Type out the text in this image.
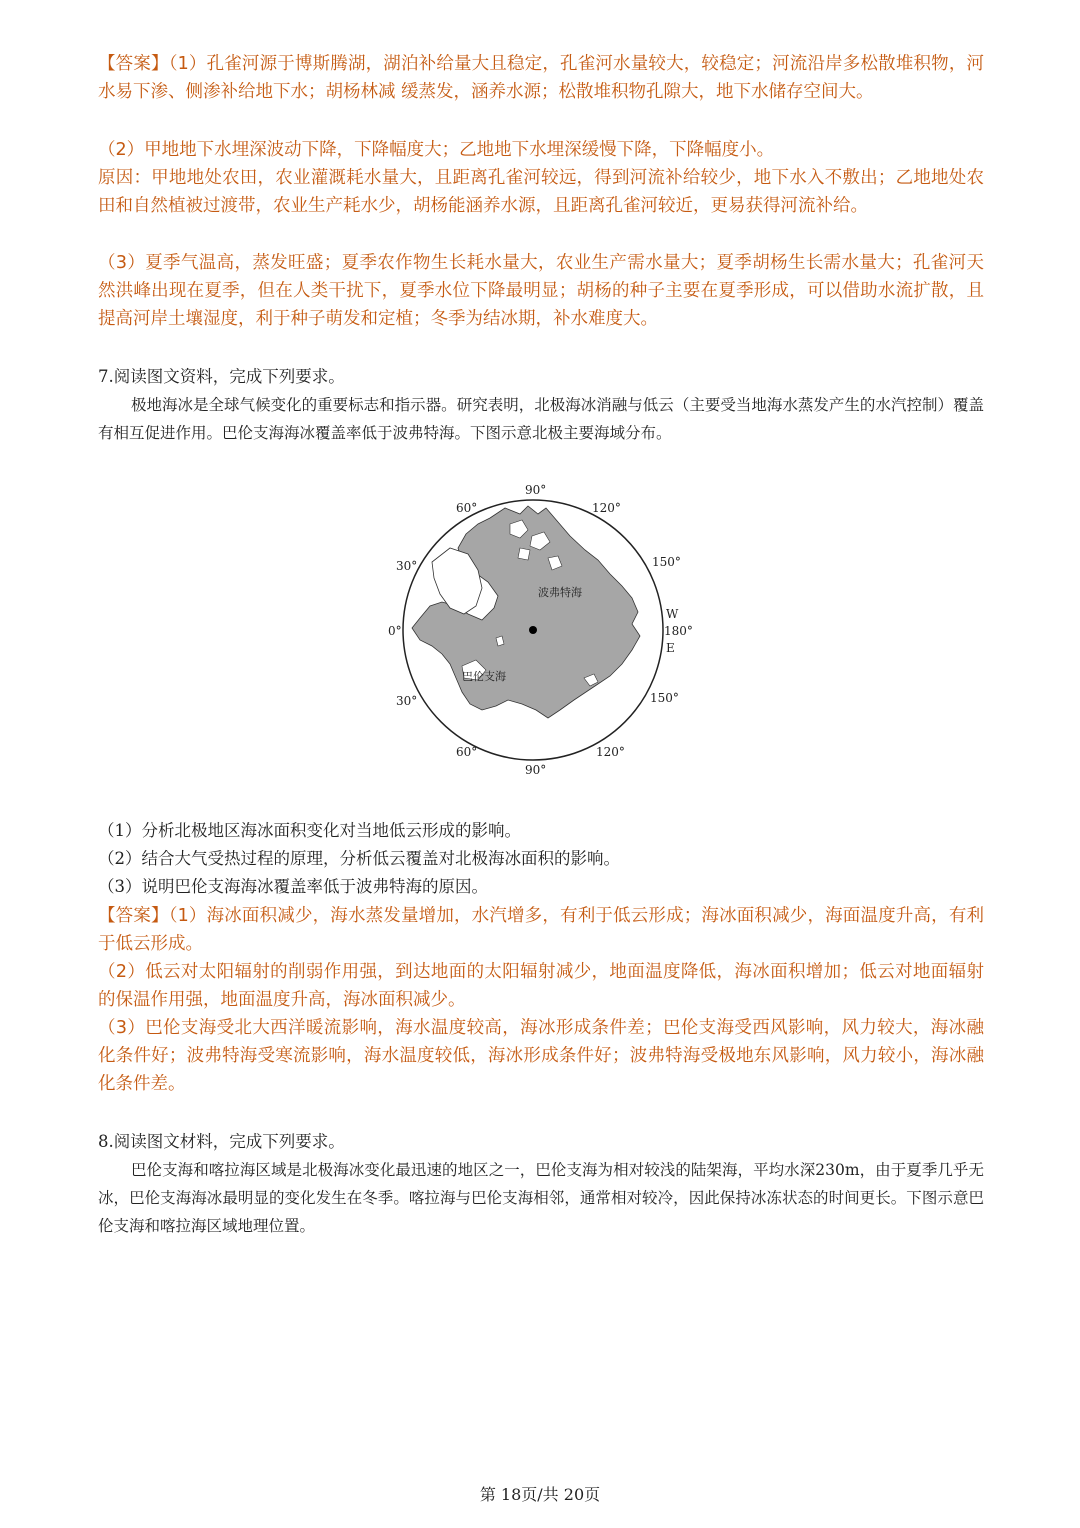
【答案】（1）孔雀河源于博斯腾湖，湖泊补给量大且稳定，孔雀河水量较大，较稳定；河流沿岸多松散堆积物，河水易下渗、侧渗补给地下水；胡杨林减 缓蒸发，涵养水源；松散堆积物孔隙大，地下水储存空间大。

（2）甲地地下水埋深波动下降，下降幅度大；乙地地下水埋深缓慢下降，下降幅度小。

原因：甲地地处农田，农业灌溉耗水量大，且距离孔雀河较远，得到河流补给较少，地下水入不敷出；乙地地处农田和自然植被过渡带，农业生产耗水少，胡杨能涵养水源，且距离孔雀河较近，更易获得河流补给。

（3）夏季气温高，蒸发旺盛；夏季农作物生长耗水量大，农业生产需水量大；夏季胡杨生长需水量大；孔雀河天然洪峰出现在夏季，但在人类干扰下，夏季水位下降最明显；胡杨的种子主要在夏季形成，可以借助水流扩散，且提高河岸土壤湿度，利于种子萌发和定植；冬季为结冰期，补水难度大。

7.阅读图文资料，完成下列要求。

极地海冰是全球气候变化的重要标志和指示器。研究表明，北极海冰消融与低云（主要受当地海水蒸发产生的水汽控制）覆盖有相互促进作用。巴伦支海海冰覆盖率低于波弗特海。下图示意北极主要海域分布。

90°
60°	120°
30°	150°
0°
W
180°
E
30°	150°
60°	120°
90°
波弗特海
巴伦支海

（1）分析北极地区海冰面积变化对当地低云形成的影响。

（2）结合大气受热过程的原理，分析低云覆盖对北极海冰面积的影响。

（3）说明巴伦支海海冰覆盖率低于波弗特海的原因。

【答案】（1）海冰面积减少，海水蒸发量增加，水汽增多，有利于低云形成；海冰面积减少，海面温度升高，有利于低云形成。

（2）低云对太阳辐射的削弱作用强，到达地面的太阳辐射减少，地面温度降低，海冰面积增加；低云对地面辐射的保温作用强，地面温度升高，海冰面积减少。

（3）巴伦支海受北大西洋暖流影响，海水温度较高，海冰形成条件差；巴伦支海受西风影响，风力较大，海冰融化条件好；波弗特海受寒流影响，海水温度较低，海冰形成条件好；波弗特海受极地东风影响，风力较小，海冰融化条件差。

8.阅读图文材料，完成下列要求。

巴伦支海和喀拉海区域是北极海冰变化最迅速的地区之一，巴伦支海为相对较浅的陆架海，平均水深230m，由于夏季几乎无冰，巴伦支海海冰最明显的变化发生在冬季。喀拉海与巴伦支海相邻，通常相对较冷，因此保持冰冻状态的时间更长。下图示意巴伦支海和喀拉海区域地理位置。

第 18页/共 20页
